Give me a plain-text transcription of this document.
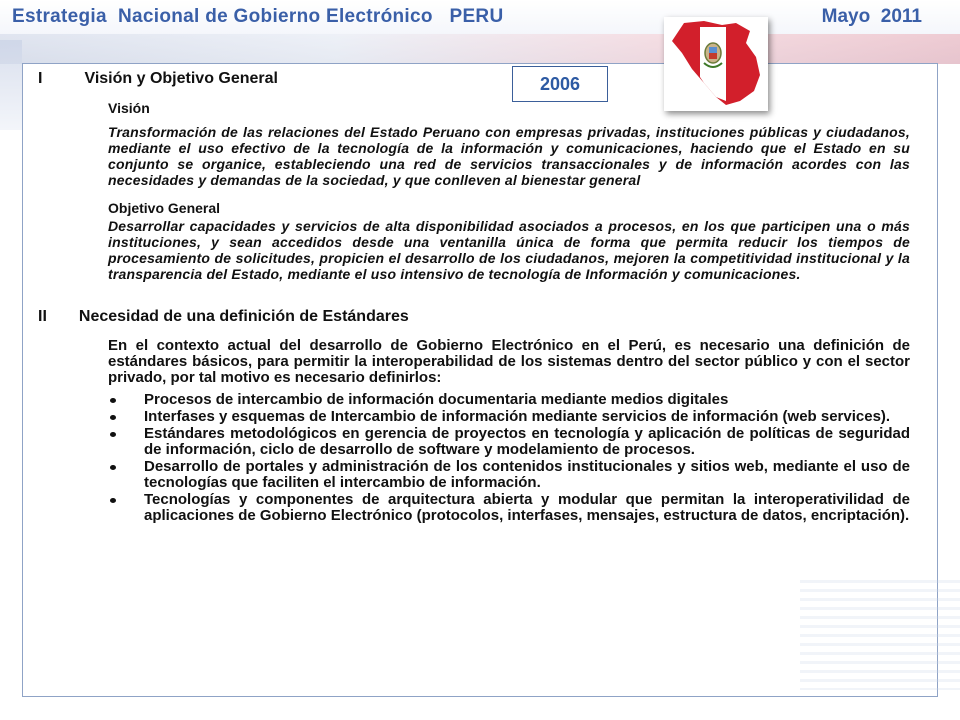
Estrategia  Nacional de Gobierno Electrónico   PERU	Mayo  2011
2006
I	Visión y Objetivo General
Visión
Transformación de las relaciones del Estado Peruano con empresas privadas, instituciones públicas y ciudadanos, mediante el uso efectivo de la tecnología de la información y comunicaciones, haciendo que el Estado en su conjunto se organice, estableciendo una red de servicios transaccionales y de información acordes con las necesidades y demandas de la sociedad, y que conlleven al bienestar general
Objetivo General
Desarrollar capacidades y servicios de alta disponibilidad asociados a procesos, en los que participen una o más instituciones, y sean accedidos desde una ventanilla única de forma que permita reducir los tiempos de procesamiento de solicitudes, propicien el desarrollo de los ciudadanos, mejoren la competitividad institucional y la transparencia del Estado, mediante el uso intensivo de tecnología de Información y comunicaciones.
II Necesidad de una definición de Estándares
En el contexto actual del desarrollo de Gobierno Electrónico en el Perú, es necesario una definición de estándares básicos, para permitir la interoperabilidad de los sistemas dentro del sector público y con el sector privado, por tal motivo es necesario definirlos:
Procesos de intercambio de información documentaria mediante medios digitales
Interfases y esquemas de Intercambio de información mediante servicios de información (web services).
Estándares metodológicos en gerencia de proyectos en tecnología y aplicación de políticas de seguridad de información, ciclo de desarrollo de software y modelamiento de procesos.
Desarrollo de portales y administración de los contenidos institucionales y sitios web, mediante el uso de tecnologías que faciliten el intercambio de información.
Tecnologías y componentes de arquitectura abierta y modular que permitan la interoperativilidad de aplicaciones de Gobierno Electrónico (protocolos, interfases, mensajes, estructura de datos, encriptación).
